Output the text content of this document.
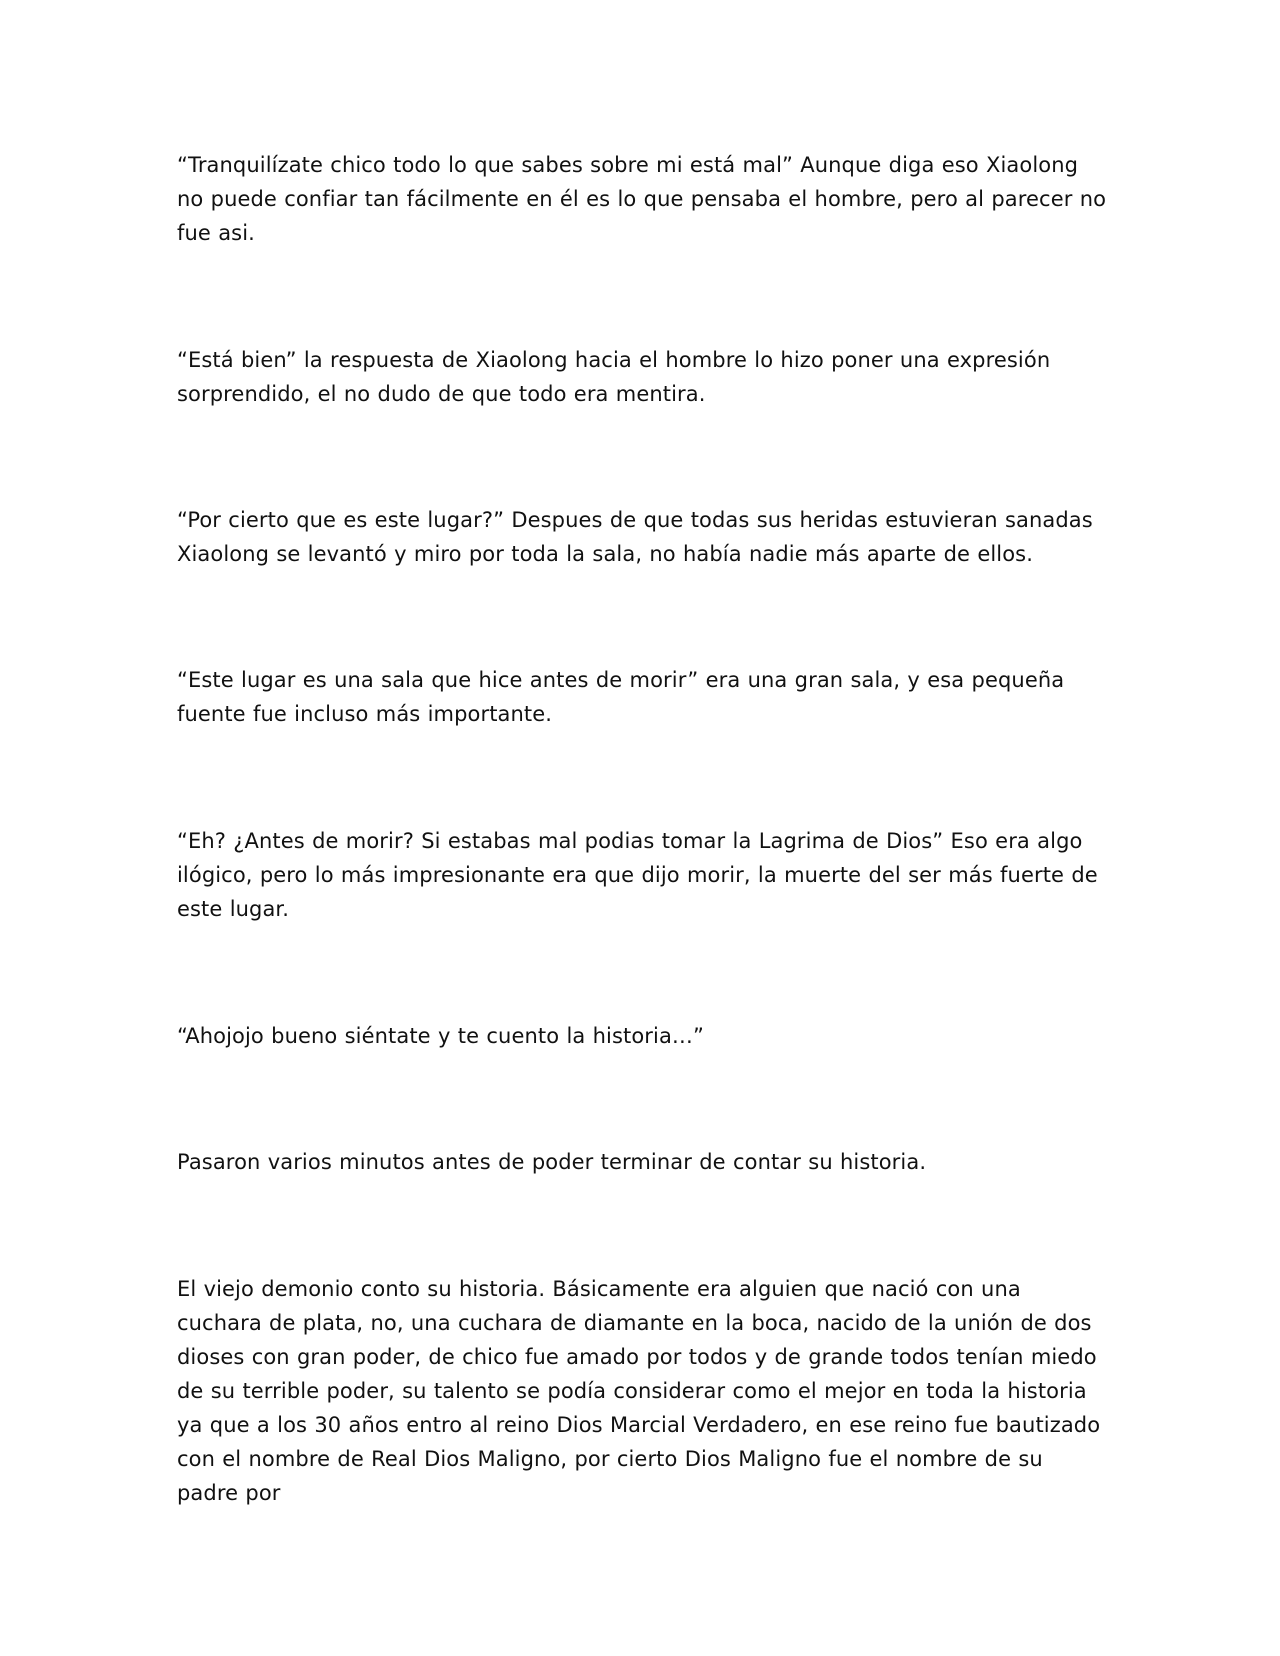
“Tranquilízate chico todo lo que sabes sobre mi está mal” Aunque diga eso Xiaolong no puede confiar tan fácilmente en él es lo que pensaba el hombre, pero al parecer no fue asi.

“Está bien” la respuesta de Xiaolong hacia el hombre lo hizo poner una expresión sorprendido, el no dudo de que todo era mentira.

“Por cierto que es este lugar?” Despues de que todas sus heridas estuvieran sanadas Xiaolong se levantó y miro por toda la sala, no había nadie más aparte de ellos.

“Este lugar es una sala que hice antes de morir” era una gran sala, y esa pequeña fuente fue incluso más importante.

“Eh? ¿Antes de morir? Si estabas mal podias tomar la Lagrima de Dios” Eso era algo ilógico, pero lo más impresionante era que dijo morir, la muerte del ser más fuerte de este lugar.

“Ahojojo bueno siéntate y te cuento la historia…”

Pasaron varios minutos antes de poder terminar de contar su historia.

El viejo demonio conto su historia. Básicamente era alguien que nació con una cuchara de plata, no, una cuchara de diamante en la boca, nacido de la unión de dos dioses con gran poder, de chico fue amado por todos y de grande todos tenían miedo de su terrible poder, su talento se podía considerar como el mejor en toda la historia ya que a los 30 años entro al reino Dios Marcial Verdadero, en ese reino fue bautizado con el nombre de Real Dios Maligno, por cierto Dios Maligno fue el nombre de su padre por
